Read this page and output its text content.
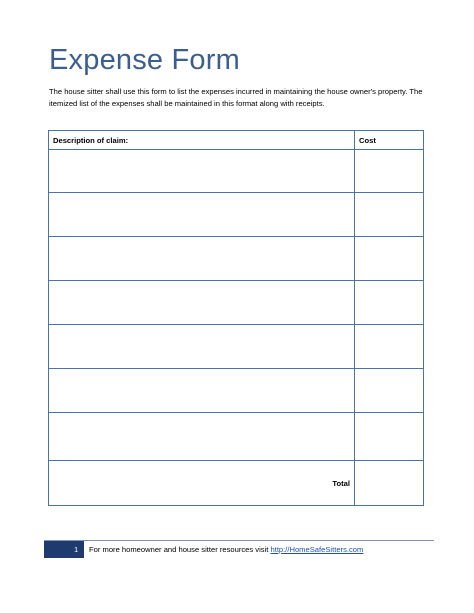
Expense Form
The house sitter shall use this form to list the expenses incurred in maintaining the house owner's property. The itemized list of the expenses shall be maintained in this format along with receipts.
Description of claim:	Cost

Total	
1 For more homeowner and house sitter resources visit http://HomeSafeSitters.com
